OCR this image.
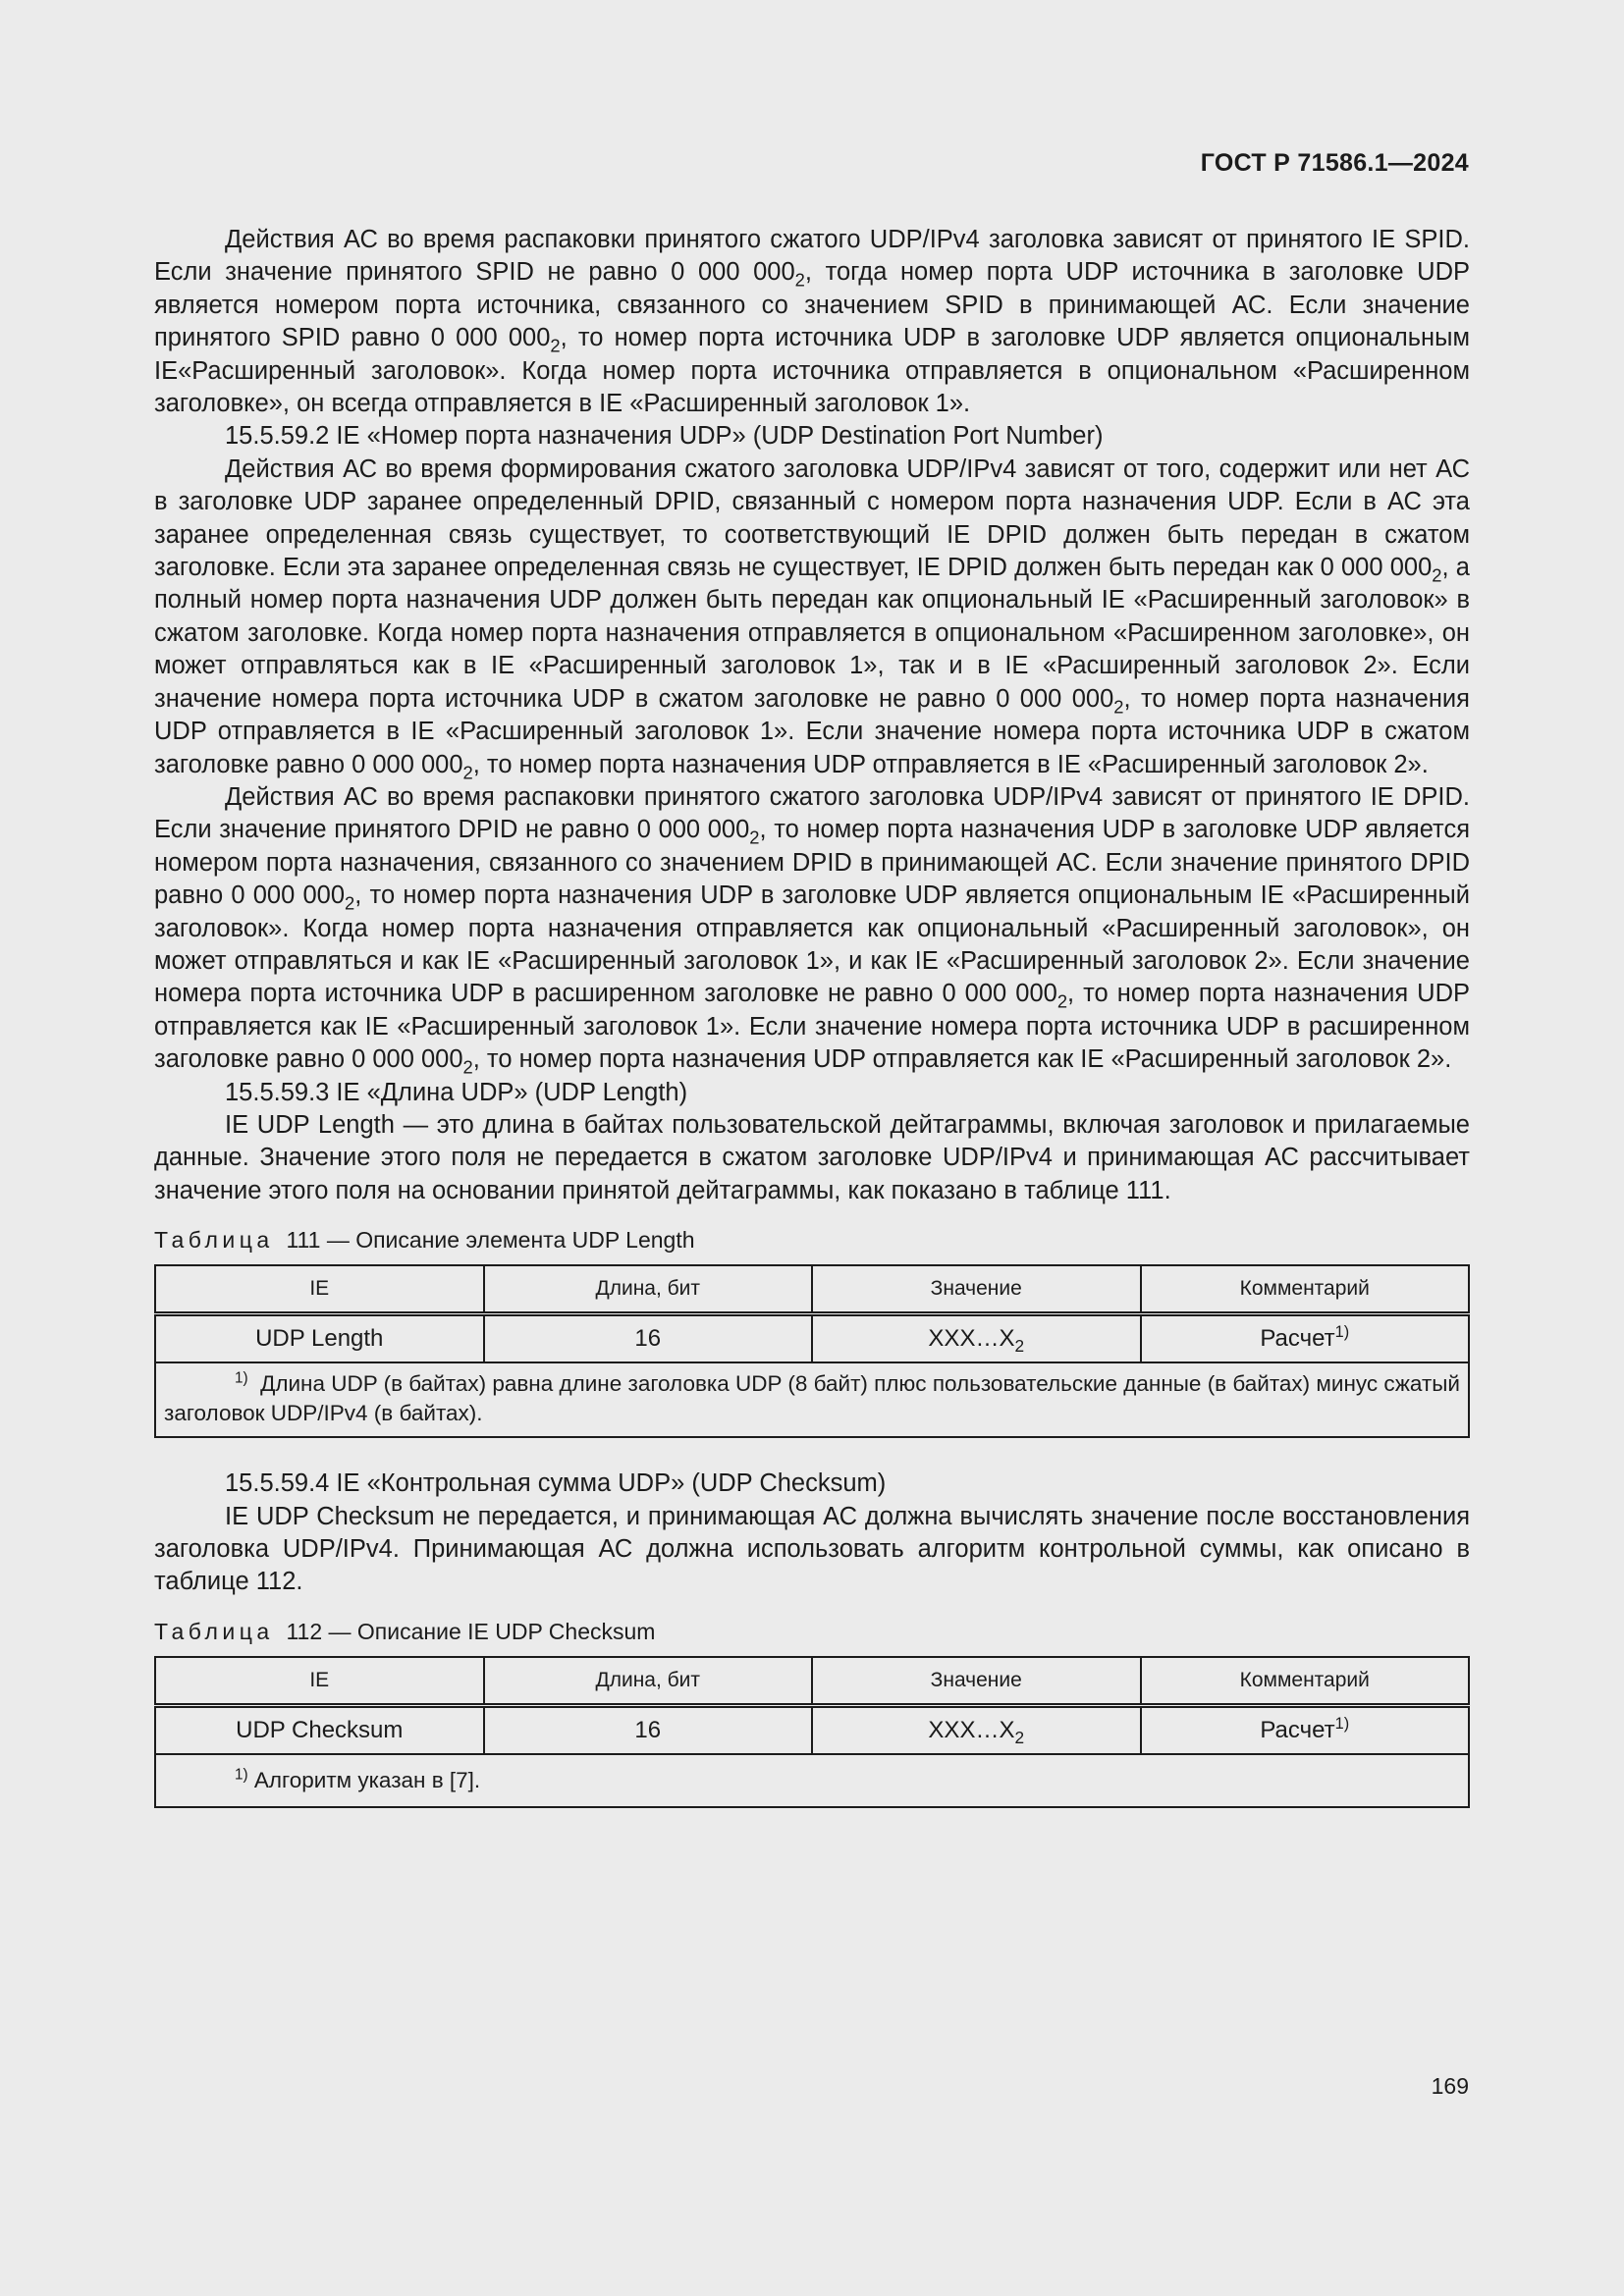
ГОСТ Р 71586.1—2024

Действия АС во время распаковки принятого сжатого UDP/IPv4 заголовка зависят от принятого IE SPID. Если значение принятого SPID не равно 0 000 $000_2$, тогда номер порта UDP источника в заголовке UDP является номером порта источника, связанного со значением SPID в принимающей АС. Если значение принятого SPID равно 0 000 $000_2$, то номер порта источника UDP в заголовке UDP является опциональным IE«Расширенный заголовок». Когда номер порта источника отправляется в опциональном «Расширенном заголовке», он всегда отправляется в IE «Расширенный заголовок 1».

15.5.59.2 IE «Номер порта назначения UDP» (UDP Destination Port Number)

Действия АС во время формирования сжатого заголовка UDP/IPv4 зависят от того, содержит или нет АС в заголовке UDP заранее определенный DPID, связанный с номером порта назначения UDP. Если в АС эта заранее определенная связь существует, то соответствующий IE DPID должен быть передан в сжатом заголовке. Если эта заранее определенная связь не существует, IE DPID должен быть передан как 0 000 $000_2$, а полный номер порта назначения UDP должен быть передан как опциональный IE «Расширенный заголовок» в сжатом заголовке. Когда номер порта назначения отправляется в опциональном «Расширенном заголовке», он может отправляться как в IE «Расширенный заголовок 1», так и в IE «Расширенный заголовок 2». Если значение номера порта источника UDP в сжатом заголовке не равно 0 000 $000_2$, то номер порта назначения UDP отправляется в IE «Расширенный заголовок 1». Если значение номера порта источника UDP в сжатом заголовке равно 0 000 $000_2$, то номер порта назначения UDP отправляется в IE «Расширенный заголовок 2».

Действия АС во время распаковки принятого сжатого заголовка UDP/IPv4 зависят от принятого IE DPID. Если значение принятого DPID не равно 0 000 $000_2$, то номер порта назначения UDP в заголовке UDP является номером порта назначения, связанного со значением DPID в принимающей АС. Если значение принятого DPID равно 0 000 $000_2$, то номер порта назначения UDP в заголовке UDP является опциональным IE «Расширенный заголовок». Когда номер порта назначения отправляется как опциональный «Расширенный заголовок», он может отправляться и как IE «Расширенный заголовок 1», и как IE «Расширенный заголовок 2». Если значение номера порта источника UDP в расширенном заголовке не равно 0 000 $000_2$, то номер порта назначения UDP отправляется как IE «Расширенный заголовок 1». Если значение номера порта источника UDP в расширенном заголовке равно 0 000 $000_2$, то номер порта назначения UDP отправляется как IE «Расширенный заголовок 2».

15.5.59.3 IE «Длина UDP» (UDP Length)

IE UDP Length — это длина в байтах пользовательской дейтаграммы, включая заголовок и прилагаемые данные. Значение этого поля не передается в сжатом заголовке UDP/IPv4 и принимающая АС рассчитывает значение этого поля на основании принятой дейтаграммы, как показано в таблице 111.

Таблица 111 — Описание элемента UDP Length
IE	Длина, бит	Значение	Комментарий
UDP Length	16	$XXX\dots X_2$	Расчет$^{1)}$
$^{1)}$ Длина UDP (в байтах) равна длине заголовка UDP (8 байт) плюс пользовательские данные (в байтах) минус сжатый заголовок UDP/IPv4 (в байтах).			

15.5.59.4 IE «Контрольная сумма UDP» (UDP Checksum)

IE UDP Checksum не передается, и принимающая АС должна вычислять значение после восстановления заголовка UDP/IPv4. Принимающая АС должна использовать алгоритм контрольной суммы, как описано в таблице 112.

Таблица 112 — Описание IE UDP Checksum
IE	Длина, бит	Значение	Комментарий
UDP Checksum	16	$XXX\dots X_2$	Расчет$^{1)}$
$^{1)}$ Алгоритм указан в [7].			
169
